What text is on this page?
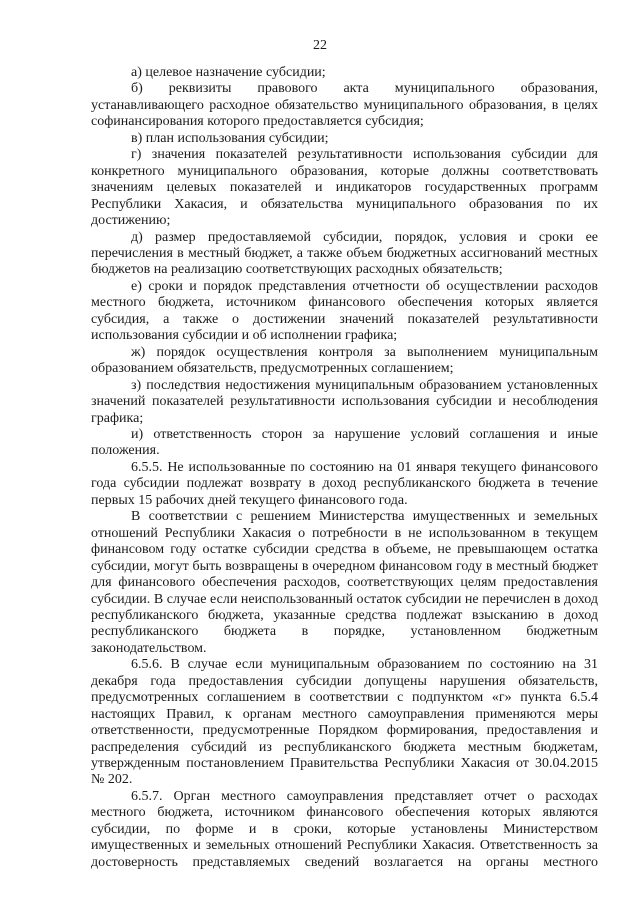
22

а) целевое назначение субсидии;

б) реквизиты правового акта муниципального образования, устанавливающего расходное обязательство муниципального образования, в целях софинансирования которого предоставляется субсидия;

в) план использования субсидии;

г) значения показателей результативности использования субсидии для конкретного муниципального образования, которые должны соответствовать значениям целевых показателей и индикаторов государственных программ Республики Хакасия, и обязательства муниципального образования по их достижению;

д) размер предоставляемой субсидии, порядок, условия и сроки ее перечисления в местный бюджет, а также объем бюджетных ассигнований местных бюджетов на реализацию соответствующих расходных обязательств;

е) сроки и порядок представления отчетности об осуществлении расходов местного бюджета, источником финансового обеспечения которых является субсидия, а также о достижении значений показателей результативности использования субсидии и об исполнении графика;

ж) порядок осуществления контроля за выполнением муниципальным образованием обязательств, предусмотренных соглашением;

з) последствия недостижения муниципальным образованием установленных значений показателей результативности использования субсидии и несоблюдения графика;

и) ответственность сторон за нарушение условий соглашения и иные положения.

6.5.5. Не использованные по состоянию на 01 января текущего финансового года субсидии подлежат возврату в доход республиканского бюджета в течение первых 15 рабочих дней текущего финансового года.

В соответствии с решением Министерства имущественных и земельных отношений Республики Хакасия о потребности в не использованном в текущем финансовом году остатке субсидии средства в объеме, не превышающем остатка субсидии, могут быть возвращены в очередном финансовом году в местный бюджет для финансового обеспечения расходов, соответствующих целям предоставления субсидии. В случае если неиспользованный остаток субсидии не перечислен в доход республиканского бюджета, указанные средства подлежат взысканию в доход республиканского бюджета в порядке, установленном бюджетным законодательством.

6.5.6. В случае если муниципальным образованием по состоянию на 31 декабря года предоставления субсидии допущены нарушения обязательств, предусмотренных соглашением в соответствии с подпунктом «г» пункта 6.5.4 настоящих Правил, к органам местного самоуправления применяются меры ответственности, предусмотренные Порядком формирования, предоставления и распределения субсидий из республиканского бюджета местным бюджетам, утвержденным постановлением Правительства Республики Хакасия от 30.04.2015 № 202.

6.5.7. Орган местного самоуправления представляет отчет о расходах местного бюджета, источником финансового обеспечения которых являются субсидии, по форме и в сроки, которые установлены Министерством имущественных и земельных отношений Республики Хакасия. Ответственность за достоверность представляемых сведений возлагается на органы местного
